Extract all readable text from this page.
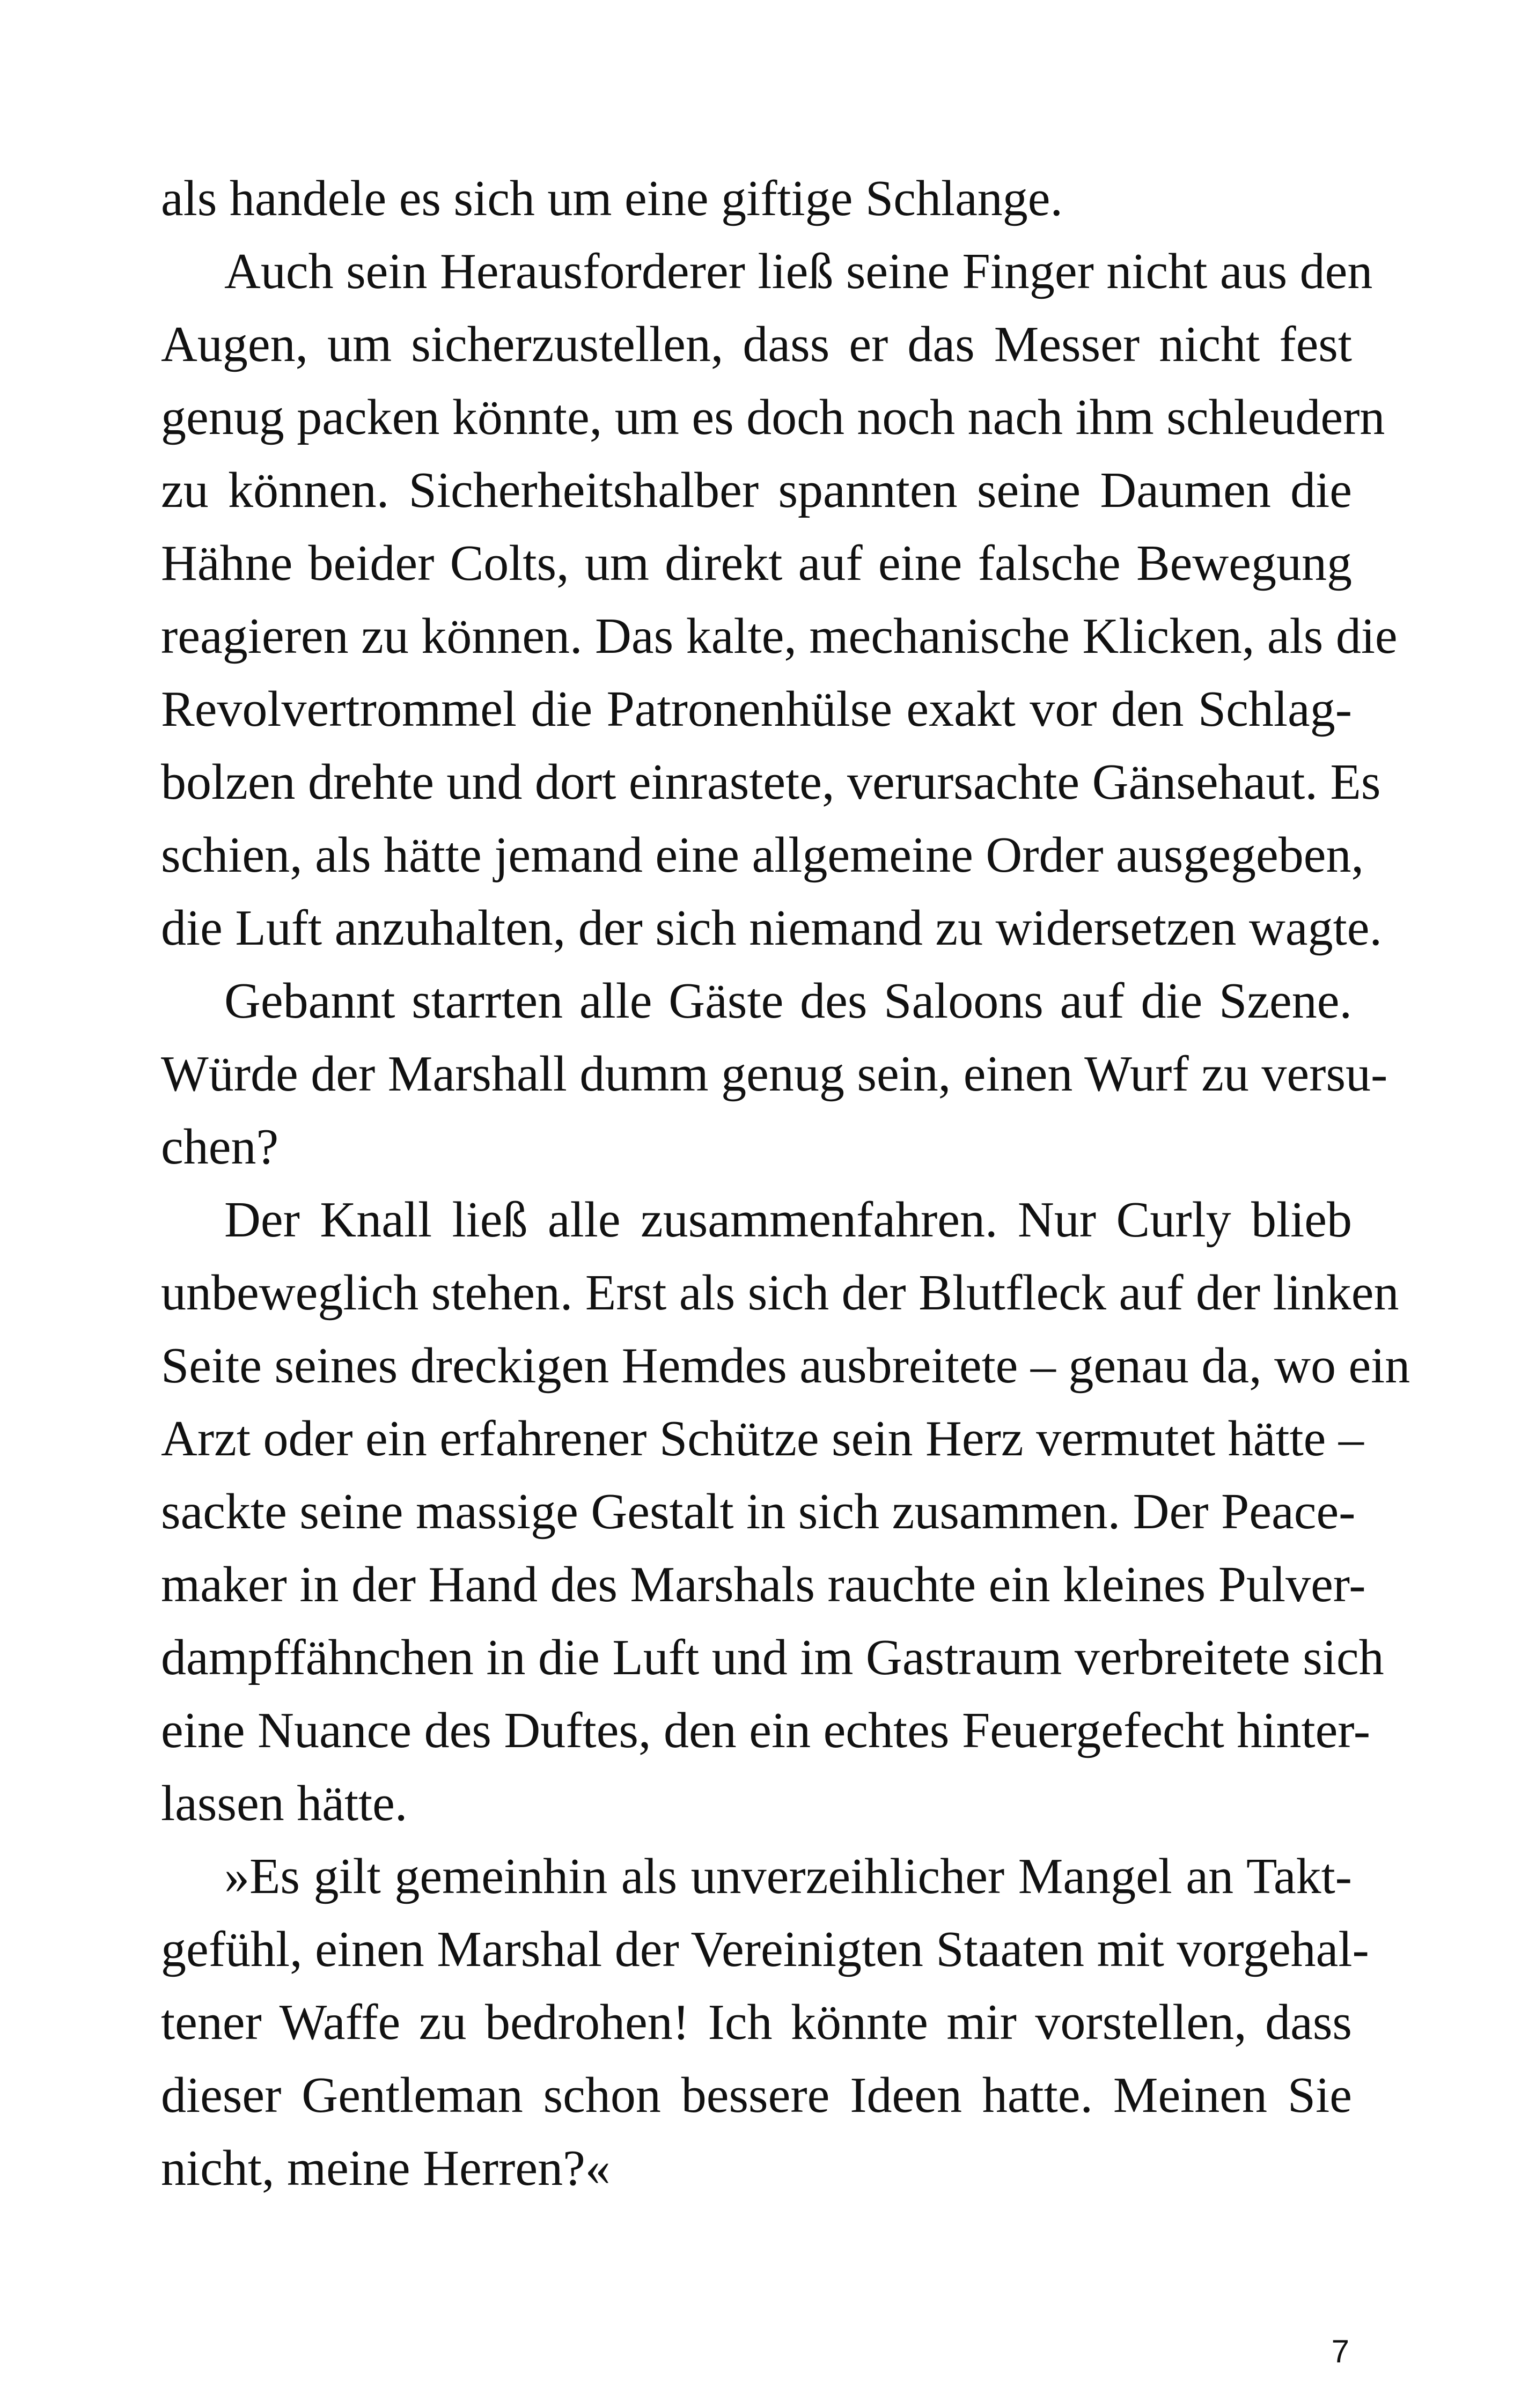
als handele es sich um eine giftige Schlange.
Auch sein Herausforderer ließ seine Finger nicht aus den
Augen, um sicherzustellen, dass er das Messer nicht fest
genug packen könnte, um es doch noch nach ihm schleudern
zu können. Sicherheitshalber spannten seine Daumen die
Hähne beider Colts, um direkt auf eine falsche Bewegung
reagieren zu können. Das kalte, mechanische Klicken, als die
Revolvertrommel die Patronenhülse exakt vor den Schlag-
bolzen drehte und dort einrastete, verursachte Gänsehaut. Es
schien, als hätte jemand eine allgemeine Order ausgegeben,
die Luft anzuhalten, der sich niemand zu widersetzen wagte.
Gebannt starrten alle Gäste des Saloons auf die Szene.
Würde der Marshall dumm genug sein, einen Wurf zu versu-
chen?
Der Knall ließ alle zusammenfahren. Nur Curly blieb
unbeweglich stehen. Erst als sich der Blutfleck auf der linken
Seite seines dreckigen Hemdes ausbreitete – genau da, wo ein
Arzt oder ein erfahrener Schütze sein Herz vermutet hätte –
sackte seine massige Gestalt in sich zusammen. Der Peace-
maker in der Hand des Marshals rauchte ein kleines Pulver-
dampffähnchen in die Luft und im Gastraum verbreitete sich
eine Nuance des Duftes, den ein echtes Feuergefecht hinter-
lassen hätte.
»Es gilt gemeinhin als unverzeihlicher Mangel an Takt-
gefühl, einen Marshal der Vereinigten Staaten mit vorgehal-
tener Waffe zu bedrohen! Ich könnte mir vorstellen, dass
dieser Gentleman schon bessere Ideen hatte. Meinen Sie
nicht, meine Herren?«
7
